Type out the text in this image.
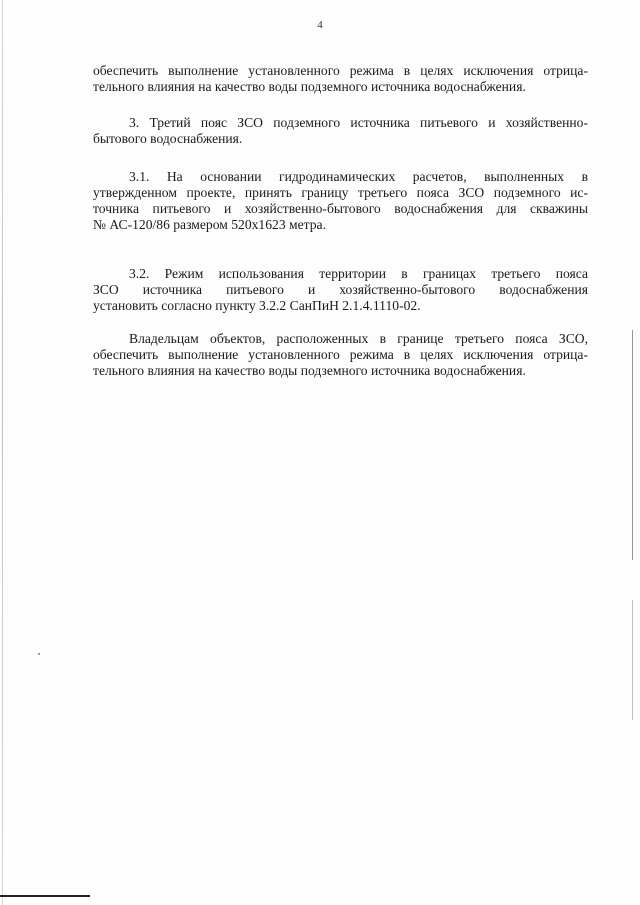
4

обеспечить выполнение установленного режима в целях исключения отрица-
тельного влияния на качество воды подземного источника водоснабжения.

3. Третий пояс ЗСО подземного источника питьевого и хозяйственно-
бытового водоснабжения.

3.1. На основании гидродинамических расчетов, выполненных в
утвержденном проекте, принять границу третьего пояса ЗСО подземного ис-
точника питьевого и хозяйственно-бытового водоснабжения для скважины
№ АС-120/86 размером 520х1623 метра.

3.2. Режим использования территории в границах третьего пояса
ЗСО источника питьевого и хозяйственно-бытового водоснабжения
установить согласно пункту 3.2.2 СанПиН 2.1.4.1110-02.

Владельцам объектов, расположенных в границе третьего пояса ЗСО,
обеспечить выполнение установленного режима в целях исключения отрица-
тельного влияния на качество воды подземного источника водоснабжения.
